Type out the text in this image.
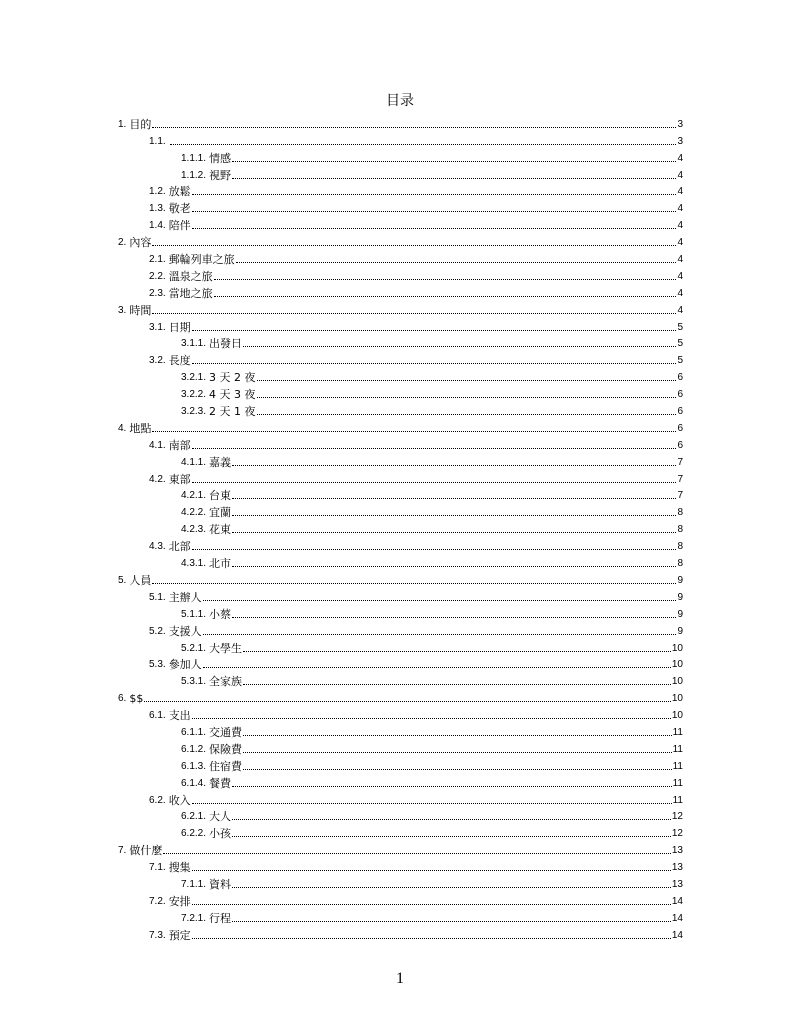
目录
1. 目的	3
1.1.	3
1.1.1. 情感	4
1.1.2. 視野	4
1.2. 放鬆	4
1.3. 敬老	4
1.4. 陪伴	4
2. 內容	4
2.1. 郵輪列車之旅	4
2.2. 溫泉之旅	4
2.3. 當地之旅	4
3. 時間	4
3.1. 日期	5
3.1.1. 出發日	5
3.2. 長度	5
3.2.1. 3 天 2 夜	6
3.2.2. 4 天 3 夜	6
3.2.3. 2 天 1 夜	6
4. 地點	6
4.1. 南部	6
4.1.1. 嘉義	7
4.2. 東部	7
4.2.1. 台東	7
4.2.2. 宜蘭	8
4.2.3. 花東	8
4.3. 北部	8
4.3.1. 北市	8
5. 人員	9
5.1. 主辦人	9
5.1.1. 小蔡	9
5.2. 支援人	9
5.2.1. 大學生	10
5.3. 參加人	10
5.3.1. 全家族	10
6. $$	10
6.1. 支出	10
6.1.1. 交通費	11
6.1.2. 保險費	11
6.1.3. 住宿費	11
6.1.4. 餐費	11
6.2. 收入	11
6.2.1. 大人	12
6.2.2. 小孩	12
7. 做什麼	13
7.1. 搜集	13
7.1.1. 資料	13
7.2. 安排	14
7.2.1. 行程	14
7.3. 預定	14
1
